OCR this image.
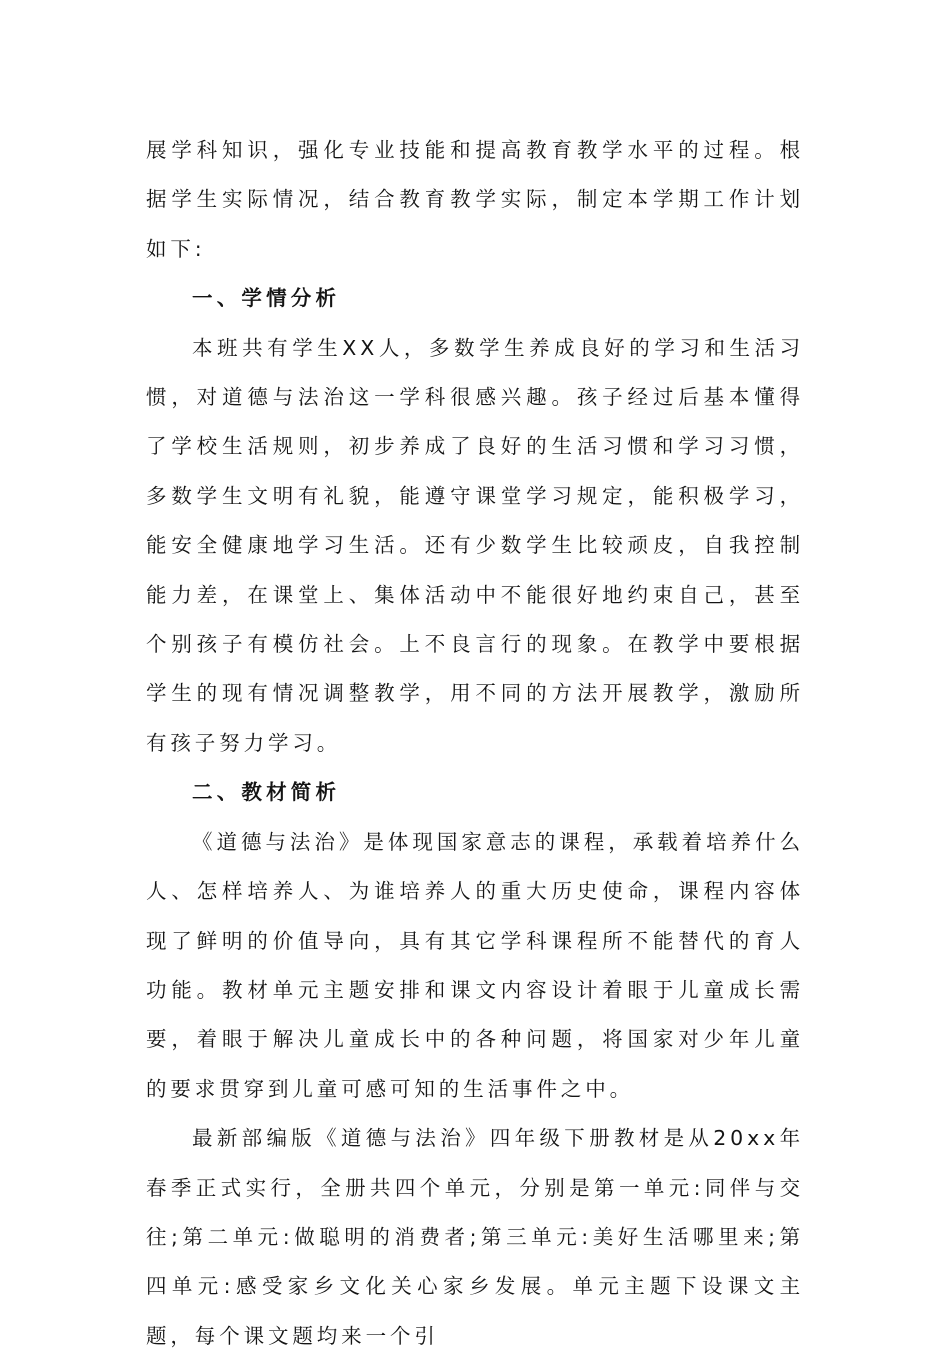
展学科知识，强化专业技能和提高教育教学水平的过程。根据学生实际情况，结合教育教学实际，制定本学期工作计划如下:

一、学情分析

本班共有学生XX人，多数学生养成良好的学习和生活习惯，对道德与法治这一学科很感兴趣。孩子经过后基本懂得了学校生活规则，初步养成了良好的生活习惯和学习习惯，多数学生文明有礼貌，能遵守课堂学习规定，能积极学习，能安全健康地学习生活。还有少数学生比较顽皮，自我控制能力差，在课堂上、集体活动中不能很好地约束自己，甚至个别孩子有模仿社会。上不良言行的现象。在教学中要根据学生的现有情况调整教学，用不同的方法开展教学，激励所有孩子努力学习。

二、教材简析

《道德与法治》是体现国家意志的课程，承载着培养什么人、怎样培养人、为谁培养人的重大历史使命，课程内容体现了鲜明的价值导向，具有其它学科课程所不能替代的育人功能。教材单元主题安排和课文内容设计着眼于儿童成长需要，着眼于解决儿童成长中的各种问题，将国家对少年儿童的要求贯穿到儿童可感可知的生活事件之中。

最新部编版《道德与法治》四年级下册教材是从20xx年春季正式实行，全册共四个单元，分别是第一单元:同伴与交往;第二单元:做聪明的消费者;第三单元:美好生活哪里来;第四单元:感受家乡文化关心家乡发展。单元主题下设课文主题，每个课文题均来一个引
